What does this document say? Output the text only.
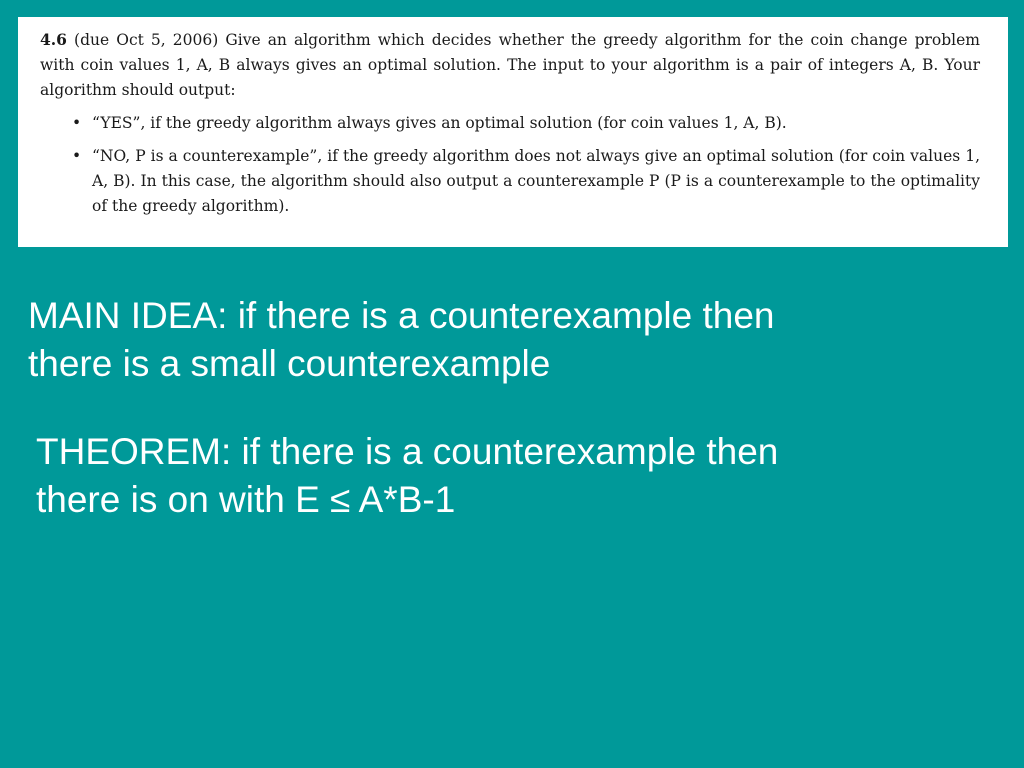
4.6 (due Oct 5, 2006) Give an algorithm which decides whether the greedy algorithm for the coin change problem with coin values 1, A, B always gives an optimal solution. The input to your algorithm is a pair of integers A, B. Your algorithm should output:

• “YES”, if the greedy algorithm always gives an optimal solution (for coin values 1, A, B).
• “NO, P is a counterexample”, if the greedy algorithm does not always give an optimal solution (for coin values 1, A, B). In this case, the algorithm should also output a counterexample P (P is a counterexample to the optimality of the greedy algorithm).

MAIN IDEA: if there is a counterexample then
there is a small counterexample

THEOREM: if there is a counterexample then
there is on with E ≤ A*B-1
